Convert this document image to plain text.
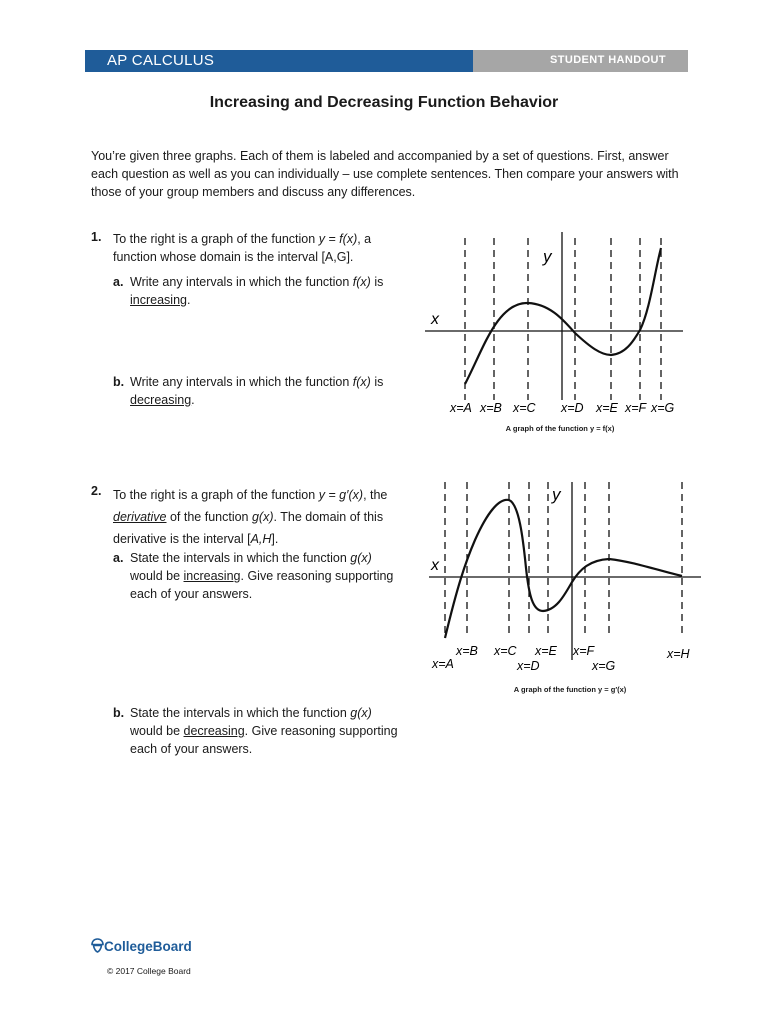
AP CALCULUS	STUDENT HANDOUT
Increasing and Decreasing Function Behavior
You’re given three graphs. Each of them is labeled and accompanied by a set of questions. First, answer each question as well as you can individually – use complete sentences. Then compare your answers with those of your group members and discuss any differences.
1. To the right is a graph of the function y = f(x), a function whose domain is the interval [A,G].
a. Write any intervals in which the function f(x) is
increasing.
b. Write any intervals in which the function f(x) is
decreasing.
2. To the right is a graph of the function y = g′(x), the derivative of the function g(x). The domain of this derivative is the interval [A,H].
a. State the intervals in which the function g(x)
would be increasing. Give reasoning supporting each of your answers.
b. State the intervals in which the function g(x)
would be decreasing. Give reasoning supporting each of your answers.
x
y
x=A x=B x=C x=D x=E x=F x=G
A graph of the function y = f(x)
x
y
x=B x=C x=E x=F	x=H
x=A	x=D	x=G
A graph of the function y = g′(x)
CollegeBoard
© 2017 College Board
